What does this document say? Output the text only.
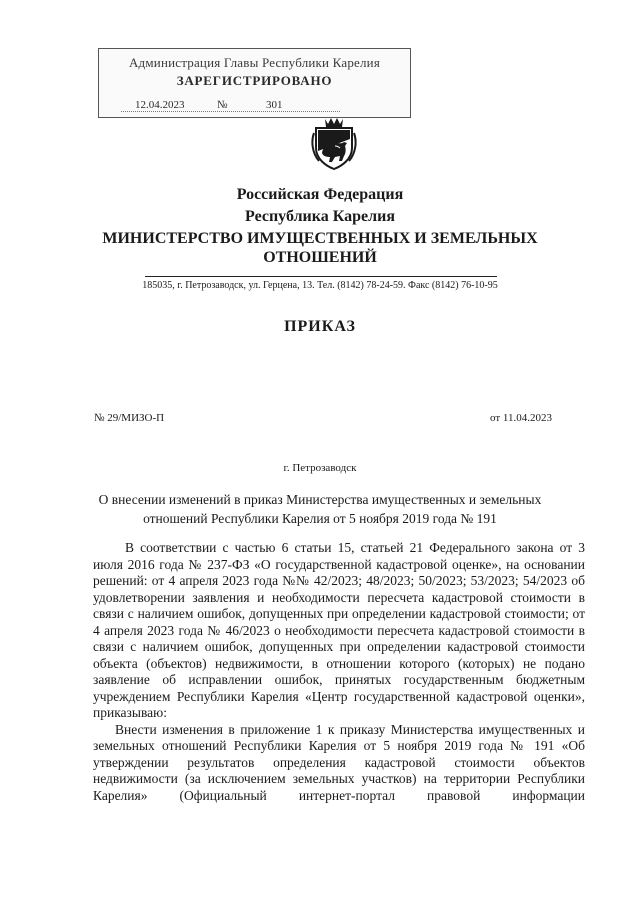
Администрация Главы Республики Карелия
ЗАРЕГИСТРИРОВАНО
12.04.2023	№	301
Российская Федерация
Республика Карелия
МИНИСТЕРСТВО ИМУЩЕСТВЕННЫХ И ЗЕМЕЛЬНЫХ
ОТНОШЕНИЙ
185035, г. Петрозаводск, ул. Герцена, 13. Тел. (8142) 78-24-59. Факс (8142) 76-10-95
ПРИКАЗ
№ 29/МИЗО-П	от 11.04.2023
г. Петрозаводск
О внесении изменений в приказ Министерства имущественных и земельных
отношений Республики Карелия от 5 ноября 2019 года № 191

В соответствии с частью 6 статьи 15, статьей 21 Федерального закона от 3 июля 2016 года № 237-ФЗ «О государственной кадастровой оценке», на основании решений: от 4 апреля 2023 года №№ 42/2023; 48/2023; 50/2023; 53/2023; 54/2023 об удовлетворении заявления и необходимости пересчета кадастровой стоимости в связи с наличием ошибок, допущенных при определении кадастровой стоимости; от 4 апреля 2023 года № 46/2023 о необходимости пересчета кадастровой стоимости в связи с наличием ошибок, допущенных при определении кадастровой стоимости объекта (объектов) недвижимости, в отношении которого (которых) не подано заявление об исправлении ошибок, принятых государственным бюджетным учреждением Республики Карелия «Центр государственной кадастровой оценки»,

приказываю:

Внести изменения в приложение 1 к приказу Министерства имущественных и земельных отношений Республики Карелия от 5 ноября 2019 года № 191 «Об утверждении результатов определения кадастровой стоимости объектов недвижимости (за исключением земельных участков) на территории Республики Карелия» (Официальный интернет-портал правовой информации
